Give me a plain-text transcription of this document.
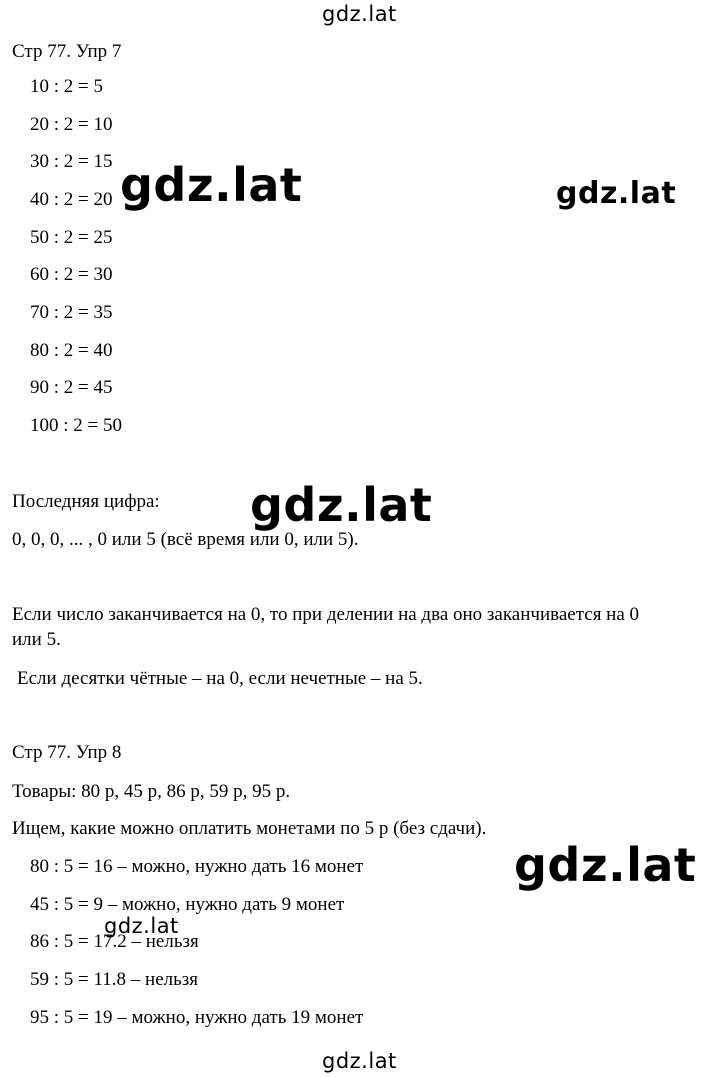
gdz.lat
Стр 77. Упр 7
10 : 2 = 5
20 : 2 = 10
30 : 2 = 15
40 : 2 = 20
50 : 2 = 25
60 : 2 = 30
70 : 2 = 35
80 : 2 = 40
90 : 2 = 45
100 : 2 = 50
gdz.lat	gdz.lat
Последняя цифра:
0, 0, 0, ... , 0 или 5 (всё время или 0, или 5).
gdz.lat
Если число заканчивается на 0, то при делении на два оно заканчивается на 0
или 5.
Если десятки чётные – на 0, если нечетные – на 5.
Стр 77. Упр 8
Товары: 80 р, 45 р, 86 р, 59 р, 95 р.
Ищем, какие можно оплатить монетами по 5 р (без сдачи).
80 : 5 = 16 – можно, нужно дать 16 монет
45 : 5 = 9 – можно, нужно дать 9 монет
86 : 5 = 17.2 – нельзя
59 : 5 = 11.8 – нельзя
95 : 5 = 19 – можно, нужно дать 19 монет
gdz.lat
gdz.lat
gdz.lat
